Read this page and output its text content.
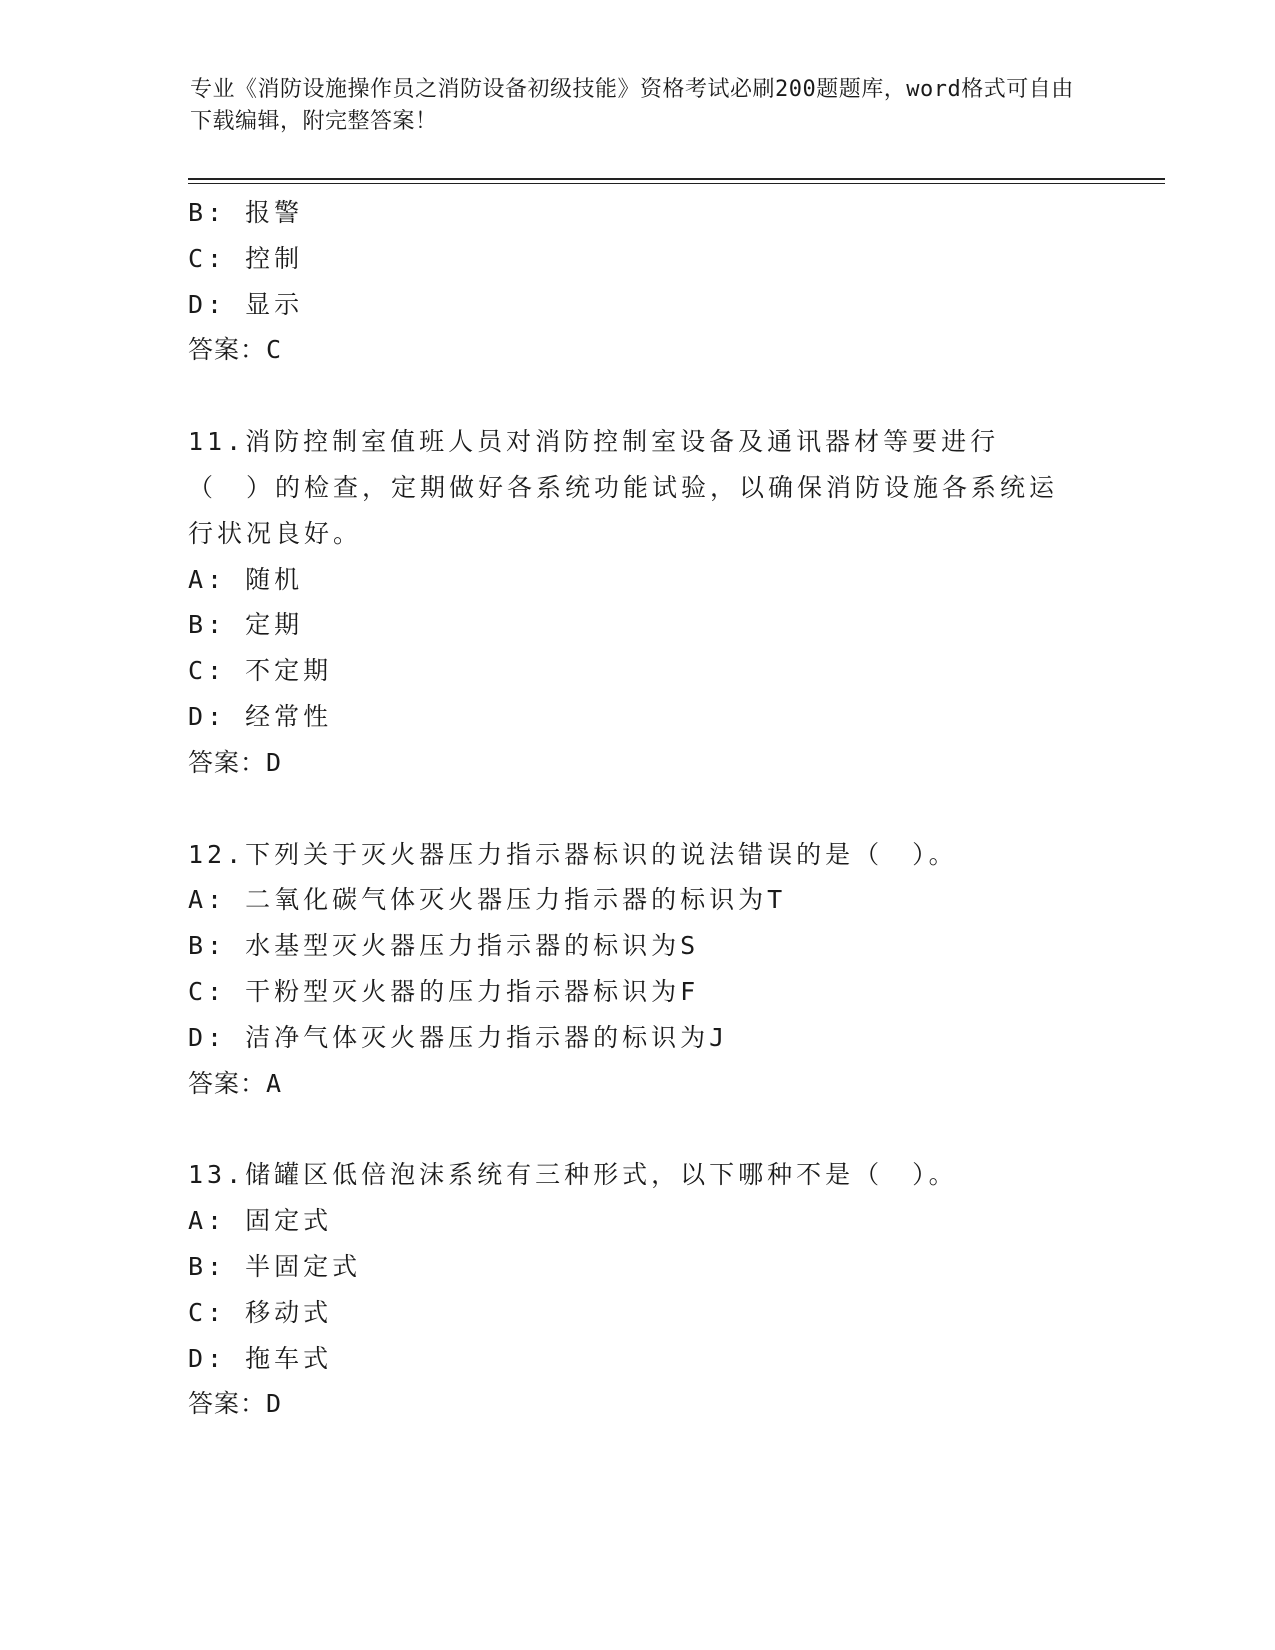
专业《消防设施操作员之消防设备初级技能》资格考试必刷200题题库，word格式可自由下载编辑，附完整答案！
B: 报警
C: 控制
D: 显示
答案：C
11.消防控制室值班人员对消防控制室设备及通讯器材等要进行（　）的检查，定期做好各系统功能试验，以确保消防设施各系统运行状况良好。
A: 随机
B: 定期
C: 不定期
D: 经常性
答案：D
12.下列关于灭火器压力指示器标识的说法错误的是（　）。
A: 二氧化碳气体灭火器压力指示器的标识为T
B: 水基型灭火器压力指示器的标识为S
C: 干粉型灭火器的压力指示器标识为F
D: 洁净气体灭火器压力指示器的标识为J
答案：A
13.储罐区低倍泡沫系统有三种形式，以下哪种不是（　）。
A: 固定式
B: 半固定式
C: 移动式
D: 拖车式
答案：D
